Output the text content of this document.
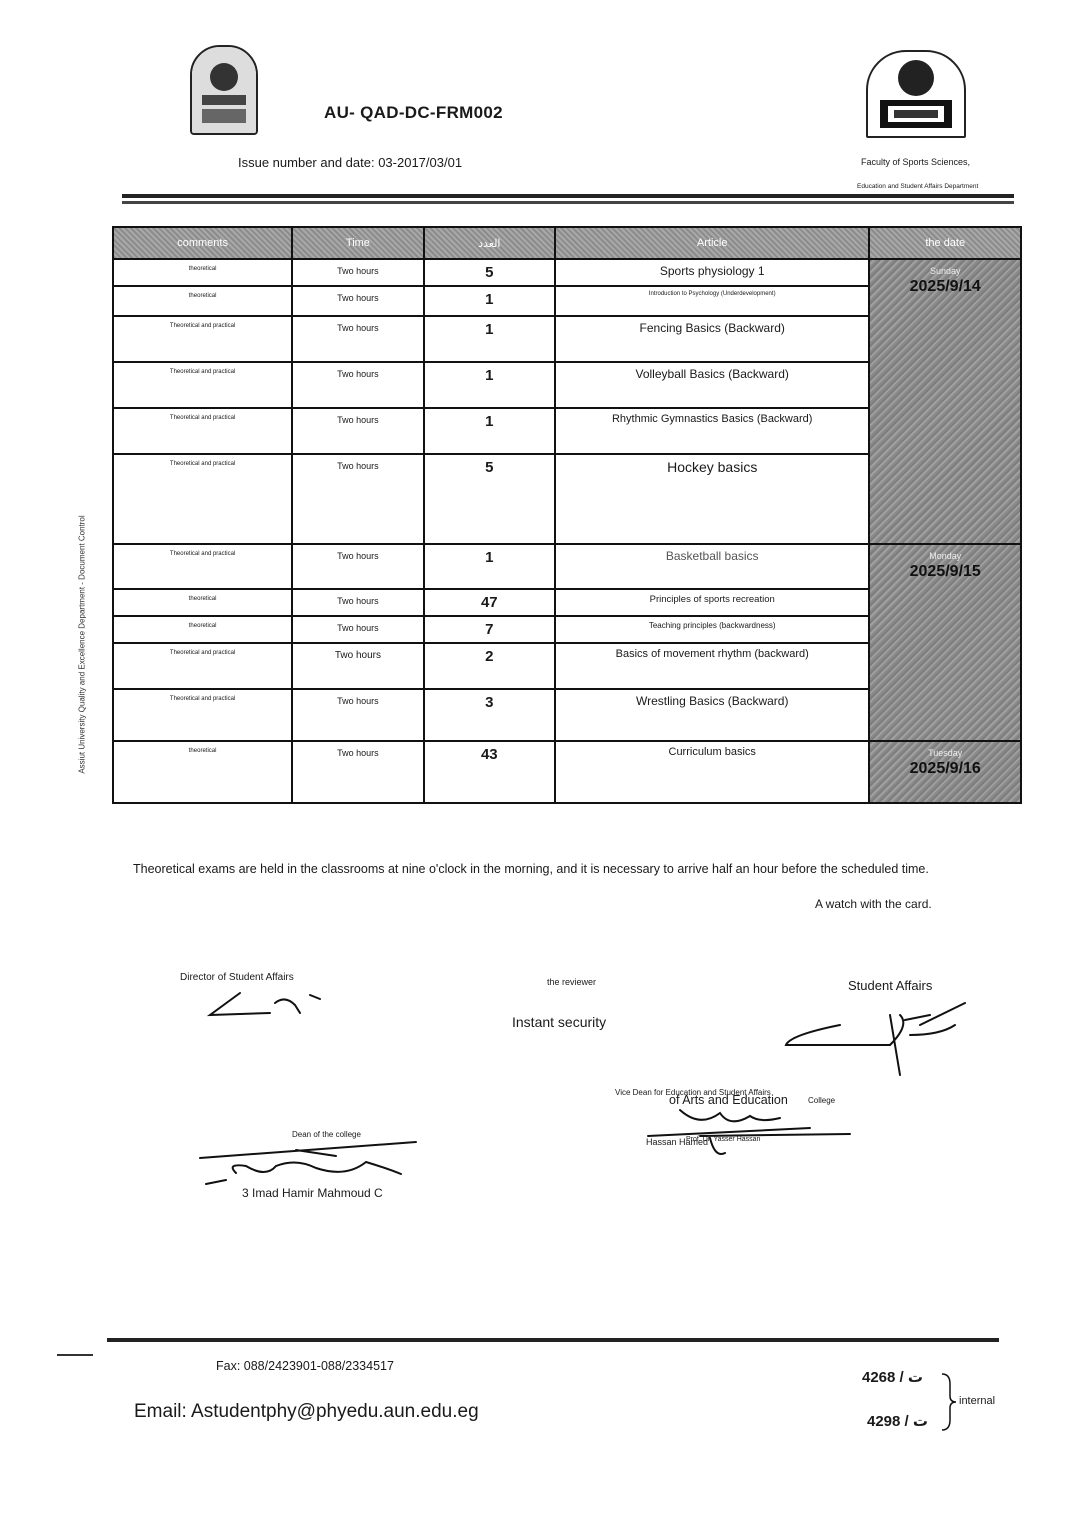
AU- QAD-DC-FRM002
Issue number and date: 03-2017/03/01	Faculty of Sports Sciences,
Education and Student Affairs Department
Assiut University Quality and Excellence Department - Document Control
comments	Time	العدد	Article	the date
theoretical	Two hours	5	Sports physiology 1	Sunday
2025/9/14

theoretical	Two hours	1	Introduction to Psychology (Underdevelopment)	
Theoretical and practical	Two hours	1	Fencing Basics (Backward)	
Theoretical and practical	Two hours	1	Volleyball Basics (Backward)	
Theoretical and practical	Two hours	1	Rhythmic Gymnastics Basics (Backward)	
Theoretical and practical	Two hours	5	Hockey basics	
Theoretical and practical	Two hours	1	Basketball basics	Monday
2025/9/15

theoretical	Two hours	47	Principles of sports recreation	
theoretical	Two hours	7	Teaching principles (backwardness)	
Theoretical and practical	Two hours	2	Basics of movement rhythm (backward)	
Theoretical and practical	Two hours	3	Wrestling Basics (Backward)	
theoretical	Two hours	43	Curriculum basics	Tuesday
2025/9/16
Theoretical exams are held in the classrooms at nine o'clock in the morning, and it is necessary to arrive half an hour before the scheduled time.
A watch with the card.
Director of Student Affairs	the reviewer
Instant security
Student Affairs
Vice Dean for Education and Student Affairs
of Arts and Education	College
Hassan Hamed
Prof. Dr. Yasser Hassan
Dean of the college
3 Imad Hamir Mahmoud C
Fax: 088/2423901-088/2334517
Email: Astudentphy@phyedu.aun.edu.eg
4268 / ت
4298 / ت
internal
